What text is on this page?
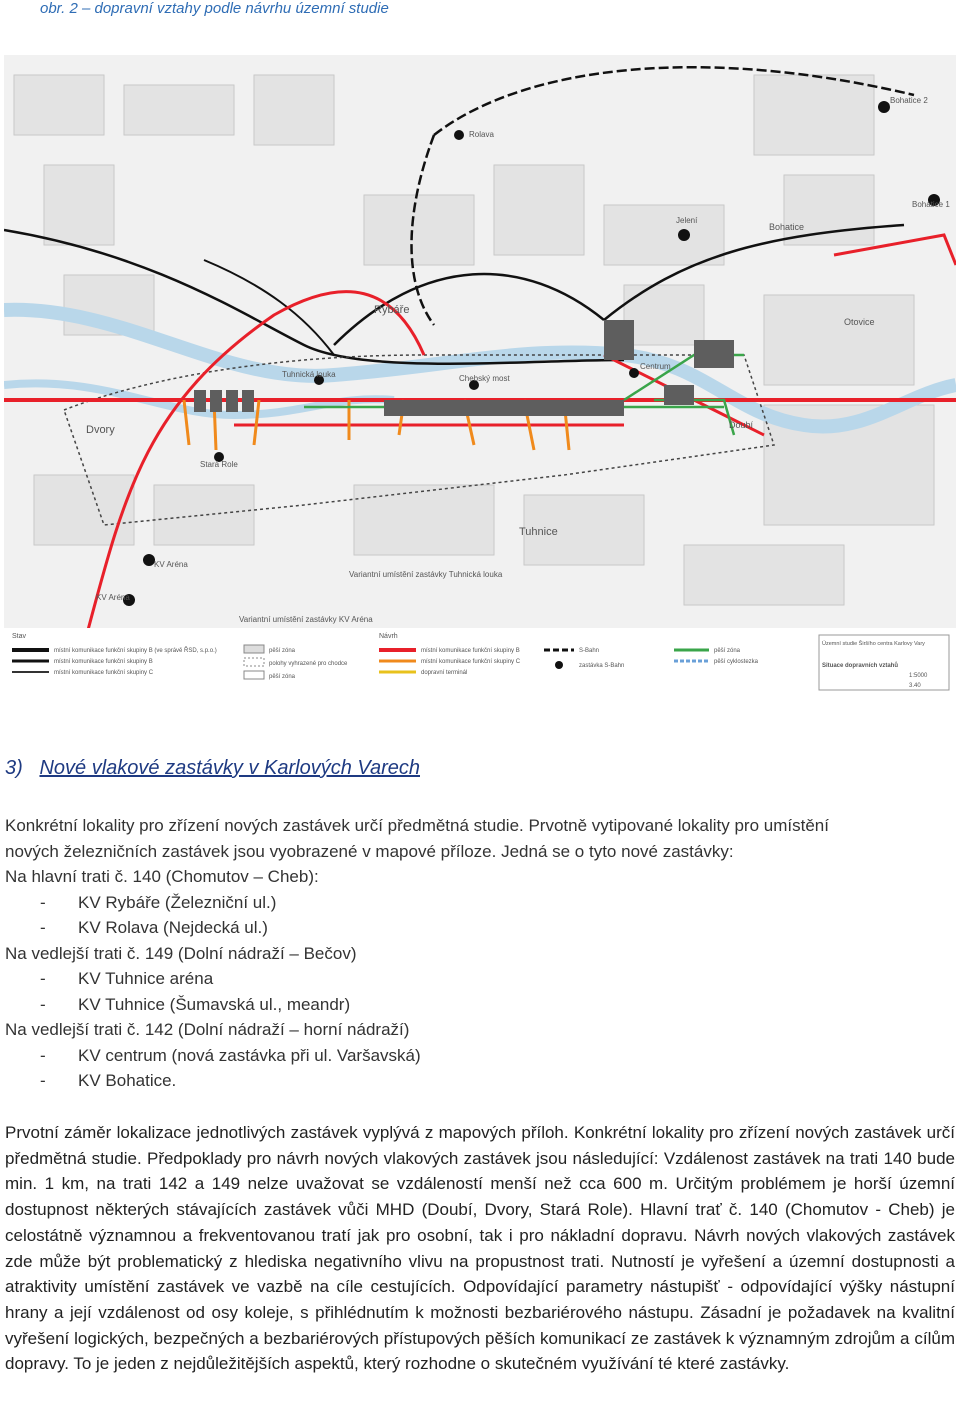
obr. 2 – dopravní vztahy podle návrhu územní studie
Rybáře
Dvory
Tuhnice
Bohatice
Otovice
Doubí
Rolava
Jelení
Bohatice 2
Bohatice 1
Chebský most
Centrum
Tuhnická louka
Stará Role
KV Aréna
KV Aréna
Variantní umístění zastávky Tuhnická louka
Variantní umístění zastávky KV Aréna
Stav
místní komunikace funkční skupiny B (ve správě ŘSD, s.p.o.)
místní komunikace funkční skupiny B
místní komunikace funkční skupiny C
pěší zóna
polohy vyhrazené pro chodce
pěší zóna
Návrh
místní komunikace funkční skupiny B
místní komunikace funkční skupiny C
dopravní terminál
S-Bahn
zastávka S-Bahn
pěší zóna
pěší cyklostezka
Územní studie Širšího centra Karlovy Vary
Situace dopravních vztahů
1:5000
3.40
3) Nové vlakové zastávky v Karlových Varech
Konkrétní lokality pro zřízení nových zastávek určí předmětná studie. Prvotně vytipované lokality pro umístění
nových železničních zastávek jsou vyobrazené v mapové příloze. Jedná se o tyto nové zastávky:
Na hlavní trati č. 140 (Chomutov – Cheb):
- KV Rybáře (Železniční ul.)
- KV Rolava (Nejdecká ul.)
Na vedlejší trati č. 149 (Dolní nádraží – Bečov)
- KV Tuhnice aréna
- KV Tuhnice (Šumavská ul., meandr)
Na vedlejší trati č. 142 (Dolní nádraží – horní nádraží)
- KV centrum (nová zastávka při ul. Varšavská)
- KV Bohatice.
Prvotní záměr lokalizace jednotlivých zastávek vyplývá z mapových příloh. Konkrétní lokality pro zřízení nových zastávek určí předmětná studie. Předpoklady pro návrh nových vlakových zastávek jsou následující: Vzdálenost zastávek na trati 140 bude min. 1 km, na trati 142 a 149 nelze uvažovat se vzdáleností menší než cca 600 m. Určitým problémem je horší územní dostupnost některých stávajících zastávek vůči MHD (Doubí, Dvory, Stará Role). Hlavní trať č. 140 (Chomutov - Cheb) je celostátně významnou a frekventovanou tratí jak pro osobní, tak i pro nákladní dopravu. Návrh nových vlakových zastávek zde může být problematický z hlediska negativního vlivu na propustnost trati. Nutností je vyřešení a územní dostupnosti a atraktivity umístění zastávek ve vazbě na cíle cestujících. Odpovídající parametry nástupišť - odpovídající výšky nástupní hrany a její vzdálenost od osy koleje, s přihlédnutím k možnosti bezbariérového nástupu. Zásadní je požadavek na kvalitní vyřešení logických, bezpečných a bezbariérových přístupových pěších komunikací ze zastávek k významným zdrojům a cílům dopravy. To je jeden z nejdůležitějších aspektů, který rozhodne o skutečném využívání té které zastávky.
